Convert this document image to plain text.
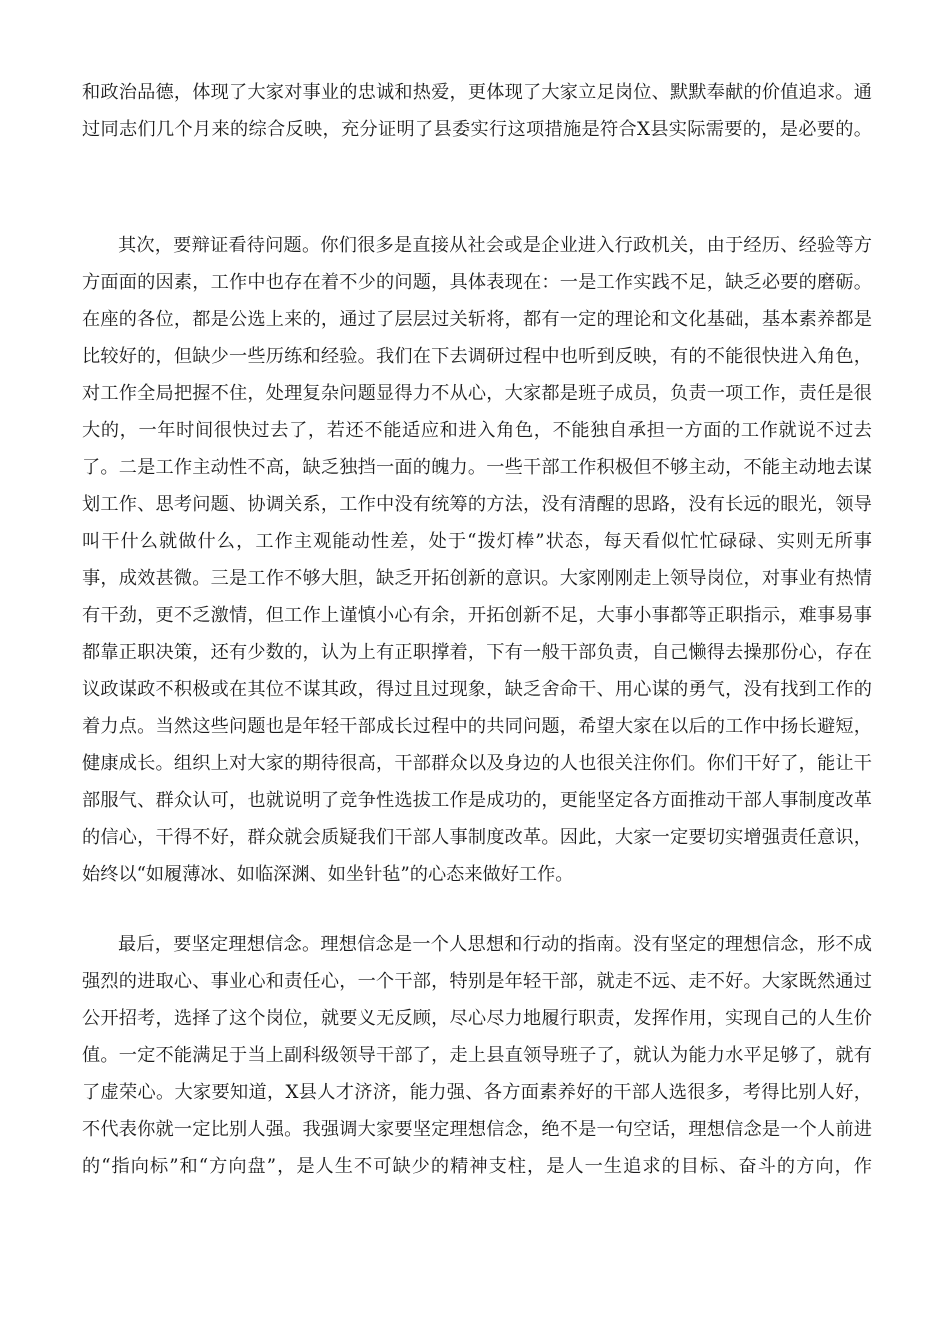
和政治品德，体现了大家对事业的忠诚和热爱，更体现了大家立足岗位、默默奉献的价值追求。通
过同志们几个月来的综合反映，充分证明了县委实行这项措施是符合X县实际需要的，是必要的。
其次，要辩证看待问题。你们很多是直接从社会或是企业进入行政机关，由于经历、经验等方
方面面的因素，工作中也存在着不少的问题，具体表现在：一是工作实践不足，缺乏必要的磨砺。
在座的各位，都是公选上来的，通过了层层过关斩将，都有一定的理论和文化基础，基本素养都是
比较好的，但缺少一些历练和经验。我们在下去调研过程中也听到反映，有的不能很快进入角色，
对工作全局把握不住，处理复杂问题显得力不从心，大家都是班子成员，负责一项工作，责任是很
大的，一年时间很快过去了，若还不能适应和进入角色，不能独自承担一方面的工作就说不过去
了。二是工作主动性不高，缺乏独挡一面的魄力。一些干部工作积极但不够主动，不能主动地去谋
划工作、思考问题、协调关系，工作中没有统筹的方法，没有清醒的思路，没有长远的眼光，领导
叫干什么就做什么，工作主观能动性差，处于“拨灯棒”状态，每天看似忙忙碌碌、实则无所事
事，成效甚微。三是工作不够大胆，缺乏开拓创新的意识。大家刚刚走上领导岗位，对事业有热情
有干劲，更不乏激情，但工作上谨慎小心有余，开拓创新不足，大事小事都等正职指示，难事易事
都靠正职决策，还有少数的，认为上有正职撑着，下有一般干部负责，自己懒得去操那份心，存在
议政谋政不积极或在其位不谋其政，得过且过现象，缺乏舍命干、用心谋的勇气，没有找到工作的
着力点。当然这些问题也是年轻干部成长过程中的共同问题，希望大家在以后的工作中扬长避短，
健康成长。组织上对大家的期待很高，干部群众以及身边的人也很关注你们。你们干好了，能让干
部服气、群众认可，也就说明了竞争性选拔工作是成功的，更能坚定各方面推动干部人事制度改革
的信心，干得不好，群众就会质疑我们干部人事制度改革。因此，大家一定要切实增强责任意识，
始终以“如履薄冰、如临深渊、如坐针毡”的心态来做好工作。
最后，要坚定理想信念。理想信念是一个人思想和行动的指南。没有坚定的理想信念，形不成
强烈的进取心、事业心和责任心，一个干部，特别是年轻干部，就走不远、走不好。大家既然通过
公开招考，选择了这个岗位，就要义无反顾，尽心尽力地履行职责，发挥作用，实现自己的人生价
值。一定不能满足于当上副科级领导干部了，走上县直领导班子了，就认为能力水平足够了，就有
了虚荣心。大家要知道，X县人才济济，能力强、各方面素养好的干部人选很多，考得比别人好，
不代表你就一定比别人强。我强调大家要坚定理想信念，绝不是一句空话，理想信念是一个人前进
的“指向标”和“方向盘”，是人生不可缺少的精神支柱，是人一生追求的目标、奋斗的方向，作
